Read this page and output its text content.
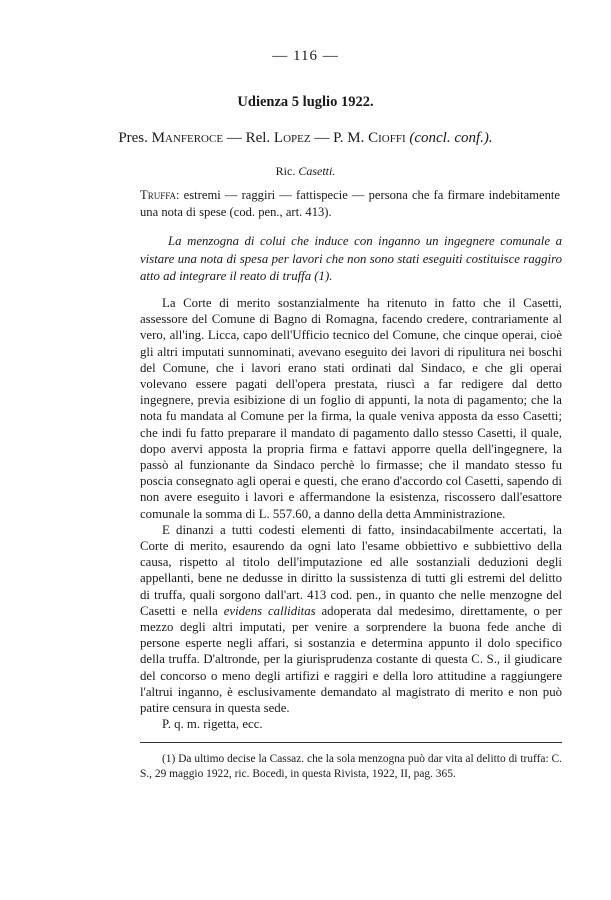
— 116 —
Udienza 5 luglio 1922.
Pres. Manferoce — Rel. Lopez — P. M. Cioffi (concl. conf.).
Ric. Casetti.
Truffa: estremi — raggiri — fattispecie — persona che fa firmare indebitamente una nota di spese (cod. pen., art. 413).
La menzogna di colui che induce con inganno un ingegnere comunale a vistare una nota di spesa per lavori che non sono stati eseguiti costituisce raggiro atto ad integrare il reato di truffa (1).

La Corte di merito sostanzialmente ha ritenuto in fatto che il Casetti, assessore del Comune di Bagno di Romagna, facendo credere, contrariamente al vero, all'ing. Licca, capo dell'Ufficio tecnico del Comune, che cinque operai, cioè gli altri imputati sunnominati, avevano eseguito dei lavori di ripulitura nei boschi del Comune, che i lavori erano stati ordinati dal Sindaco, e che gli operai volevano essere pagati dell'opera prestata, riuscì a far redigere dal detto ingegnere, previa esibizione di un foglio di appunti, la nota di pagamento; che la nota fu mandata al Comune per la firma, la quale veniva apposta da esso Casetti; che indi fu fatto preparare il mandato di pagamento dallo stesso Casetti, il quale, dopo avervi apposta la propria firma e fattavi apporre quella dell'ingegnere, la passò al funzionante da Sindaco perchè lo firmasse; che il mandato stesso fu poscia consegnato agli operai e questi, che erano d'accordo col Casetti, sapendo di non avere eseguito i lavori e affermandone la esistenza, riscossero dall'esattore comunale la somma di L. 557.60, a danno della detta Amministrazione.

E dinanzi a tutti codesti elementi di fatto, insindacabilmente accertati, la Corte di merito, esaurendo da ogni lato l'esame obbiettivo e subbiettivo della causa, rispetto al titolo dell'imputazione ed alle sostanziali deduzioni degli appellanti, bene ne dedusse in diritto la sussistenza di tutti gli estremi del delitto di truffa, quali sorgono dall'art. 413 cod. pen., in quanto che nelle menzogne del Casetti e nella evidens calliditas adoperata dal medesimo, direttamente, o per mezzo degli altri imputati, per venire a sorprendere la buona fede anche di persone esperte negli affari, si sostanzia e determina appunto il dolo specifico della truffa. D'altronde, per la giurisprudenza costante di questa C. S., il giudicare del concorso o meno degli artifizi e raggiri e della loro attitudine a raggiungere l'altrui inganno, è esclusivamente demandato al magistrato di merito e non può patire censura in questa sede.

P. q. m. rigetta, ecc.

(1) Da ultimo decise la Cassaz. che la sola menzogna può dar vita al delitto di truffa: C. S., 29 maggio 1922, ric. Bocedi, in questa Rivista, 1922, II, pag. 365.
